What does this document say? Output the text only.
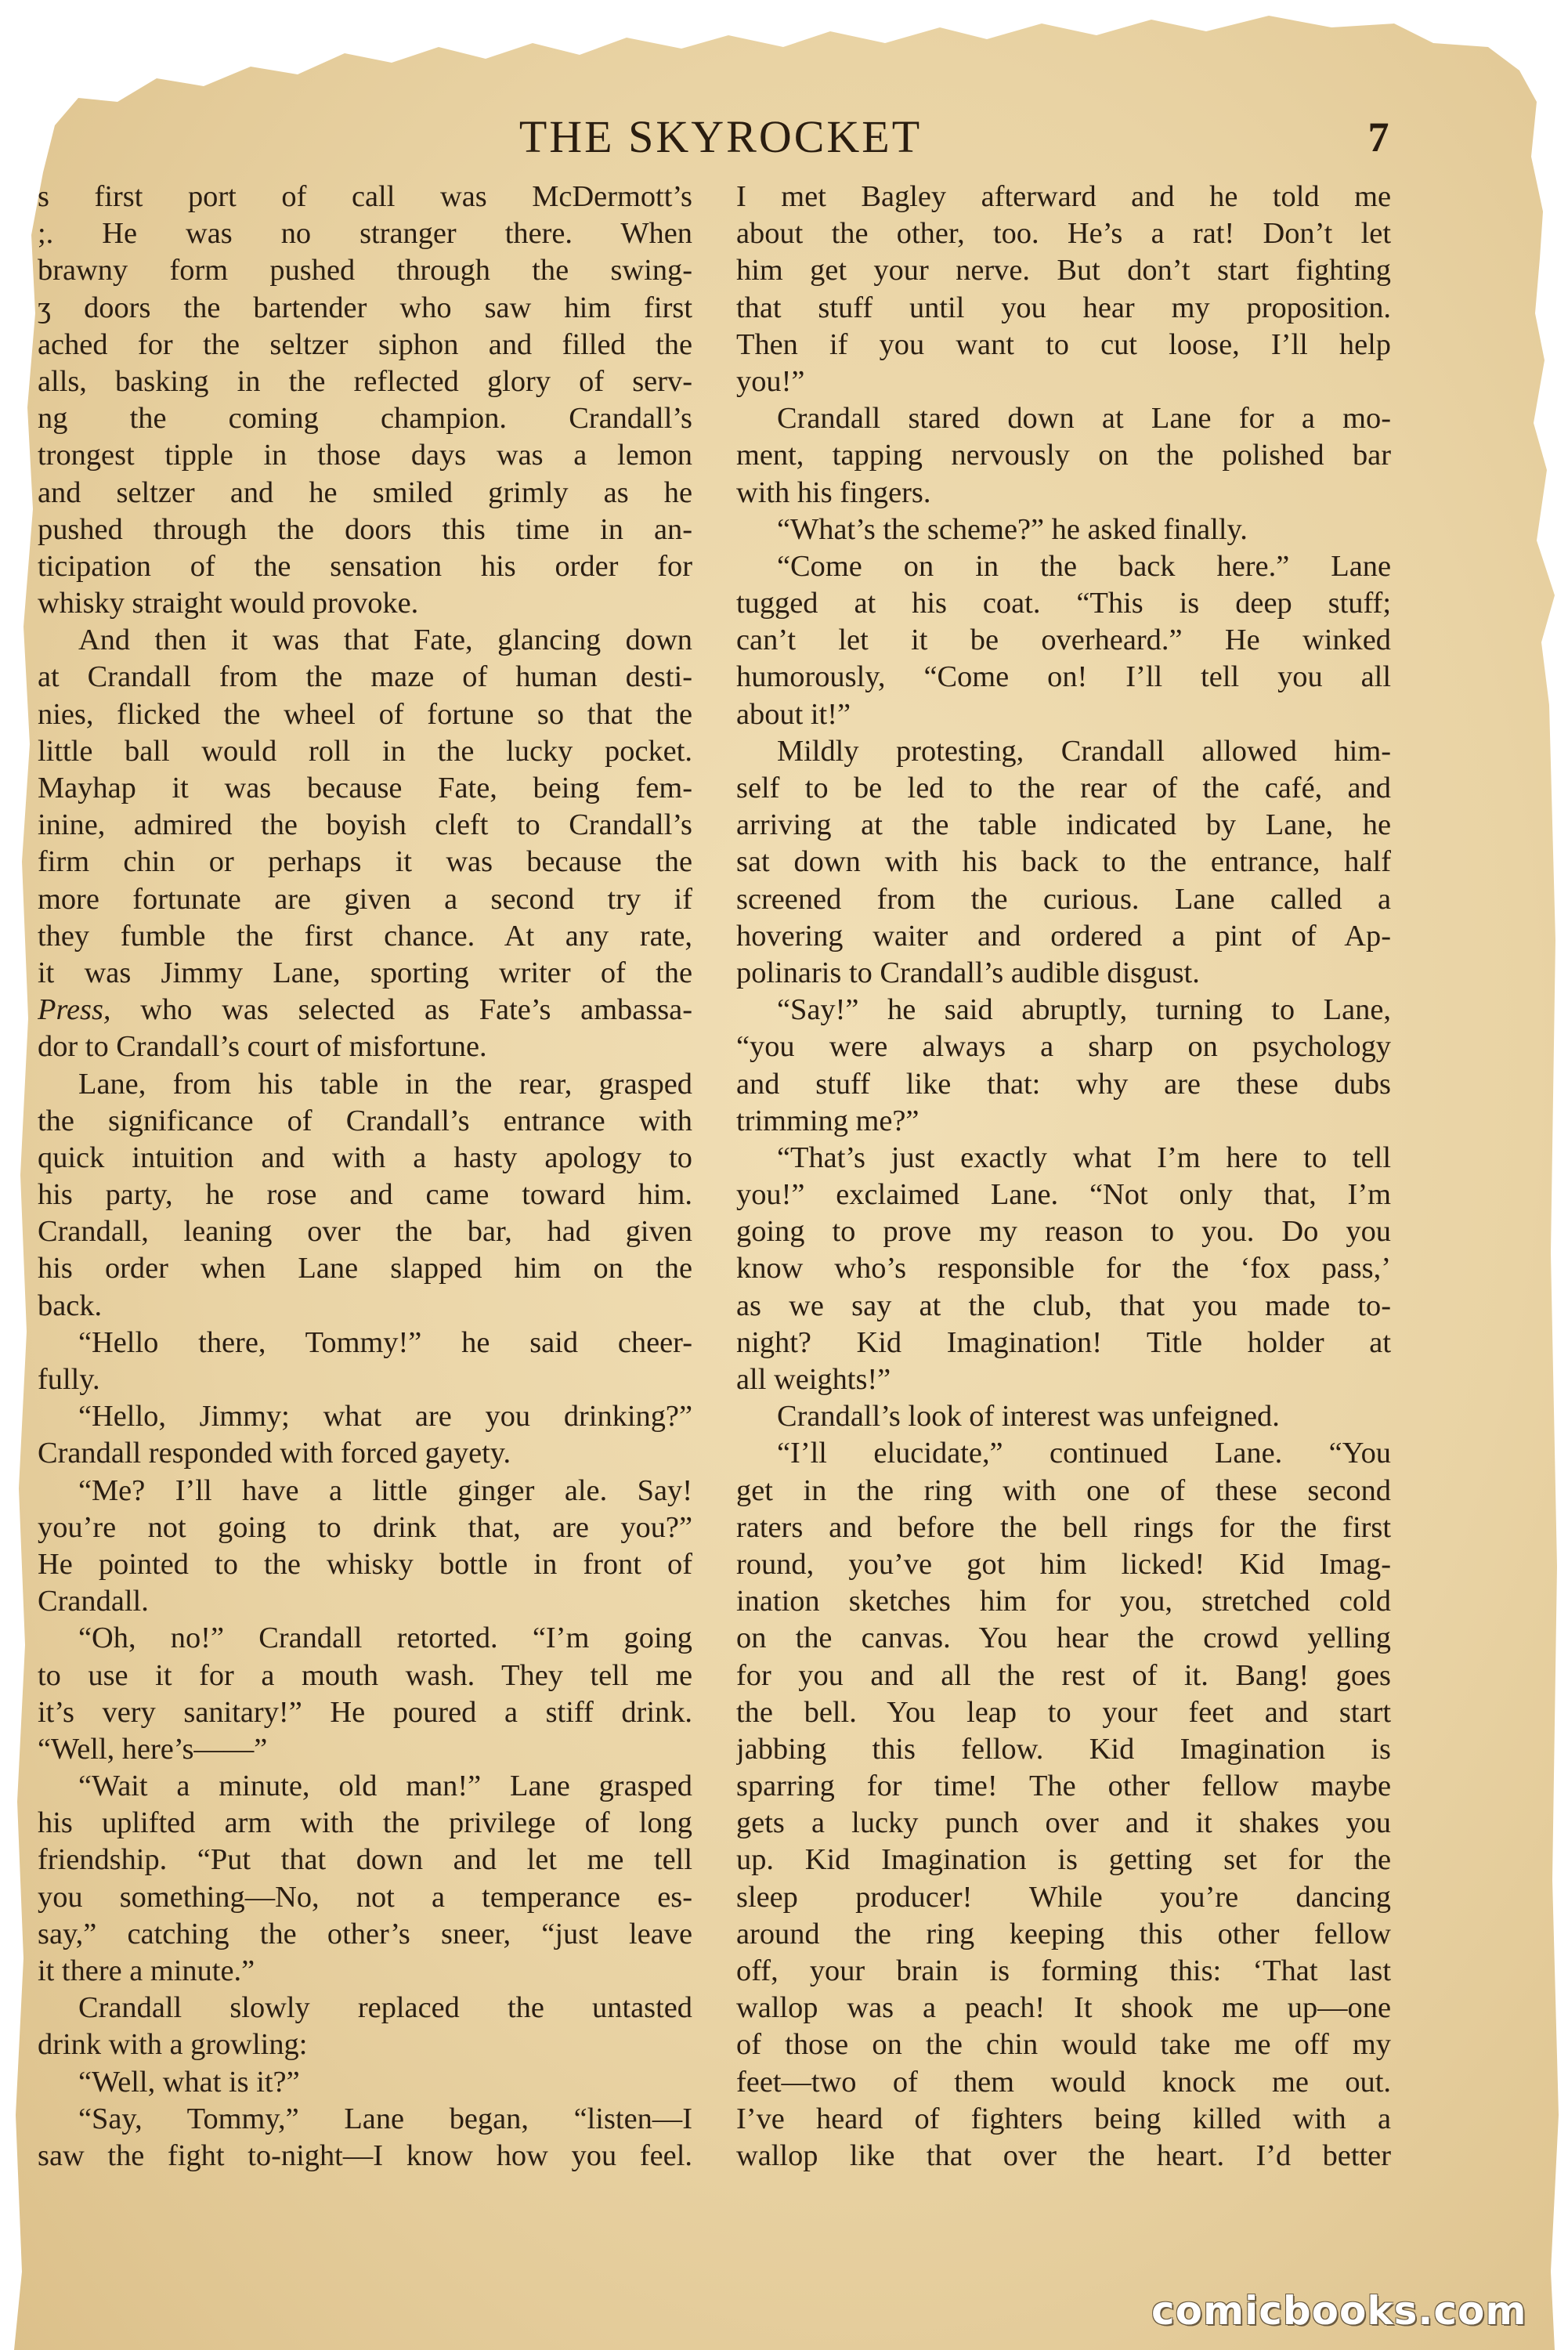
THE SKYROCKET	7
s first port of call was McDermott’s
;. He was no stranger there. When
brawny form pushed through the swing-
ʒ doors the bartender who saw him first
ached for the seltzer siphon and filled the
alls, basking in the reflected glory of serv-
ng the coming champion. Crandall’s
trongest tipple in those days was a lemon
and seltzer and he smiled grimly as he
pushed through the doors this time in an-
ticipation of the sensation his order for
whisky straight would provoke.
And then it was that Fate, glancing down
at Crandall from the maze of human desti-
nies, flicked the wheel of fortune so that the
little ball would roll in the lucky pocket.
Mayhap it was because Fate, being fem-
inine, admired the boyish cleft to Crandall’s
firm chin or perhaps it was because the
more fortunate are given a second try if
they fumble the first chance. At any rate,
it was Jimmy Lane, sporting writer of the
Press, who was selected as Fate’s ambassa-
dor to Crandall’s court of misfortune.
Lane, from his table in the rear, grasped
the significance of Crandall’s entrance with
quick intuition and with a hasty apology to
his party, he rose and came toward him.
Crandall, leaning over the bar, had given
his order when Lane slapped him on the
back.
“Hello there, Tommy!” he said cheer-
fully.
“Hello, Jimmy; what are you drinking?”
Crandall responded with forced gayety.
“Me? I’ll have a little ginger ale. Say!
you’re not going to drink that, are you?”
He pointed to the whisky bottle in front of
Crandall.
“Oh, no!” Crandall retorted. “I’m going
to use it for a mouth wash. They tell me
it’s very sanitary!” He poured a stiff drink.
“Well, here’s——”
“Wait a minute, old man!” Lane grasped
his uplifted arm with the privilege of long
friendship. “Put that down and let me tell
you something—No, not a temperance es-
say,” catching the other’s sneer, “just leave
it there a minute.”
Crandall slowly replaced the untasted
drink with a growling:
“Well, what is it?”
“Say, Tommy,” Lane began, “listen—I
saw the fight to-night—I know how you feel.
I met Bagley afterward and he told me
about the other, too. He’s a rat! Don’t let
him get your nerve. But don’t start fighting
that stuff until you hear my proposition.
Then if you want to cut loose, I’ll help
you!”
Crandall stared down at Lane for a mo-
ment, tapping nervously on the polished bar
with his fingers.
“What’s the scheme?” he asked finally.
“Come on in the back here.” Lane
tugged at his coat. “This is deep stuff;
can’t let it be overheard.” He winked
humorously, “Come on! I’ll tell you all
about it!”
Mildly protesting, Crandall allowed him-
self to be led to the rear of the café, and
arriving at the table indicated by Lane, he
sat down with his back to the entrance, half
screened from the curious. Lane called a
hovering waiter and ordered a pint of Ap-
polinaris to Crandall’s audible disgust.
“Say!” he said abruptly, turning to Lane,
“you were always a sharp on psychology
and stuff like that: why are these dubs
trimming me?”
“That’s just exactly what I’m here to tell
you!” exclaimed Lane. “Not only that, I’m
going to prove my reason to you. Do you
know who’s responsible for the ‘fox pass,’
as we say at the club, that you made to-
night? Kid Imagination! Title holder at
all weights!”
Crandall’s look of interest was unfeigned.
“I’ll elucidate,” continued Lane. “You
get in the ring with one of these second
raters and before the bell rings for the first
round, you’ve got him licked! Kid Imag-
ination sketches him for you, stretched cold
on the canvas. You hear the crowd yelling
for you and all the rest of it. Bang! goes
the bell. You leap to your feet and start
jabbing this fellow. Kid Imagination is
sparring for time! The other fellow maybe
gets a lucky punch over and it shakes you
up. Kid Imagination is getting set for the
sleep producer! While you’re dancing
around the ring keeping this other fellow
off, your brain is forming this: ‘That last
wallop was a peach! It shook me up—one
of those on the chin would take me off my
feet—two of them would knock me out.
I’ve heard of fighters being killed with a
wallop like that over the heart. I’d better
comicbooks.com
